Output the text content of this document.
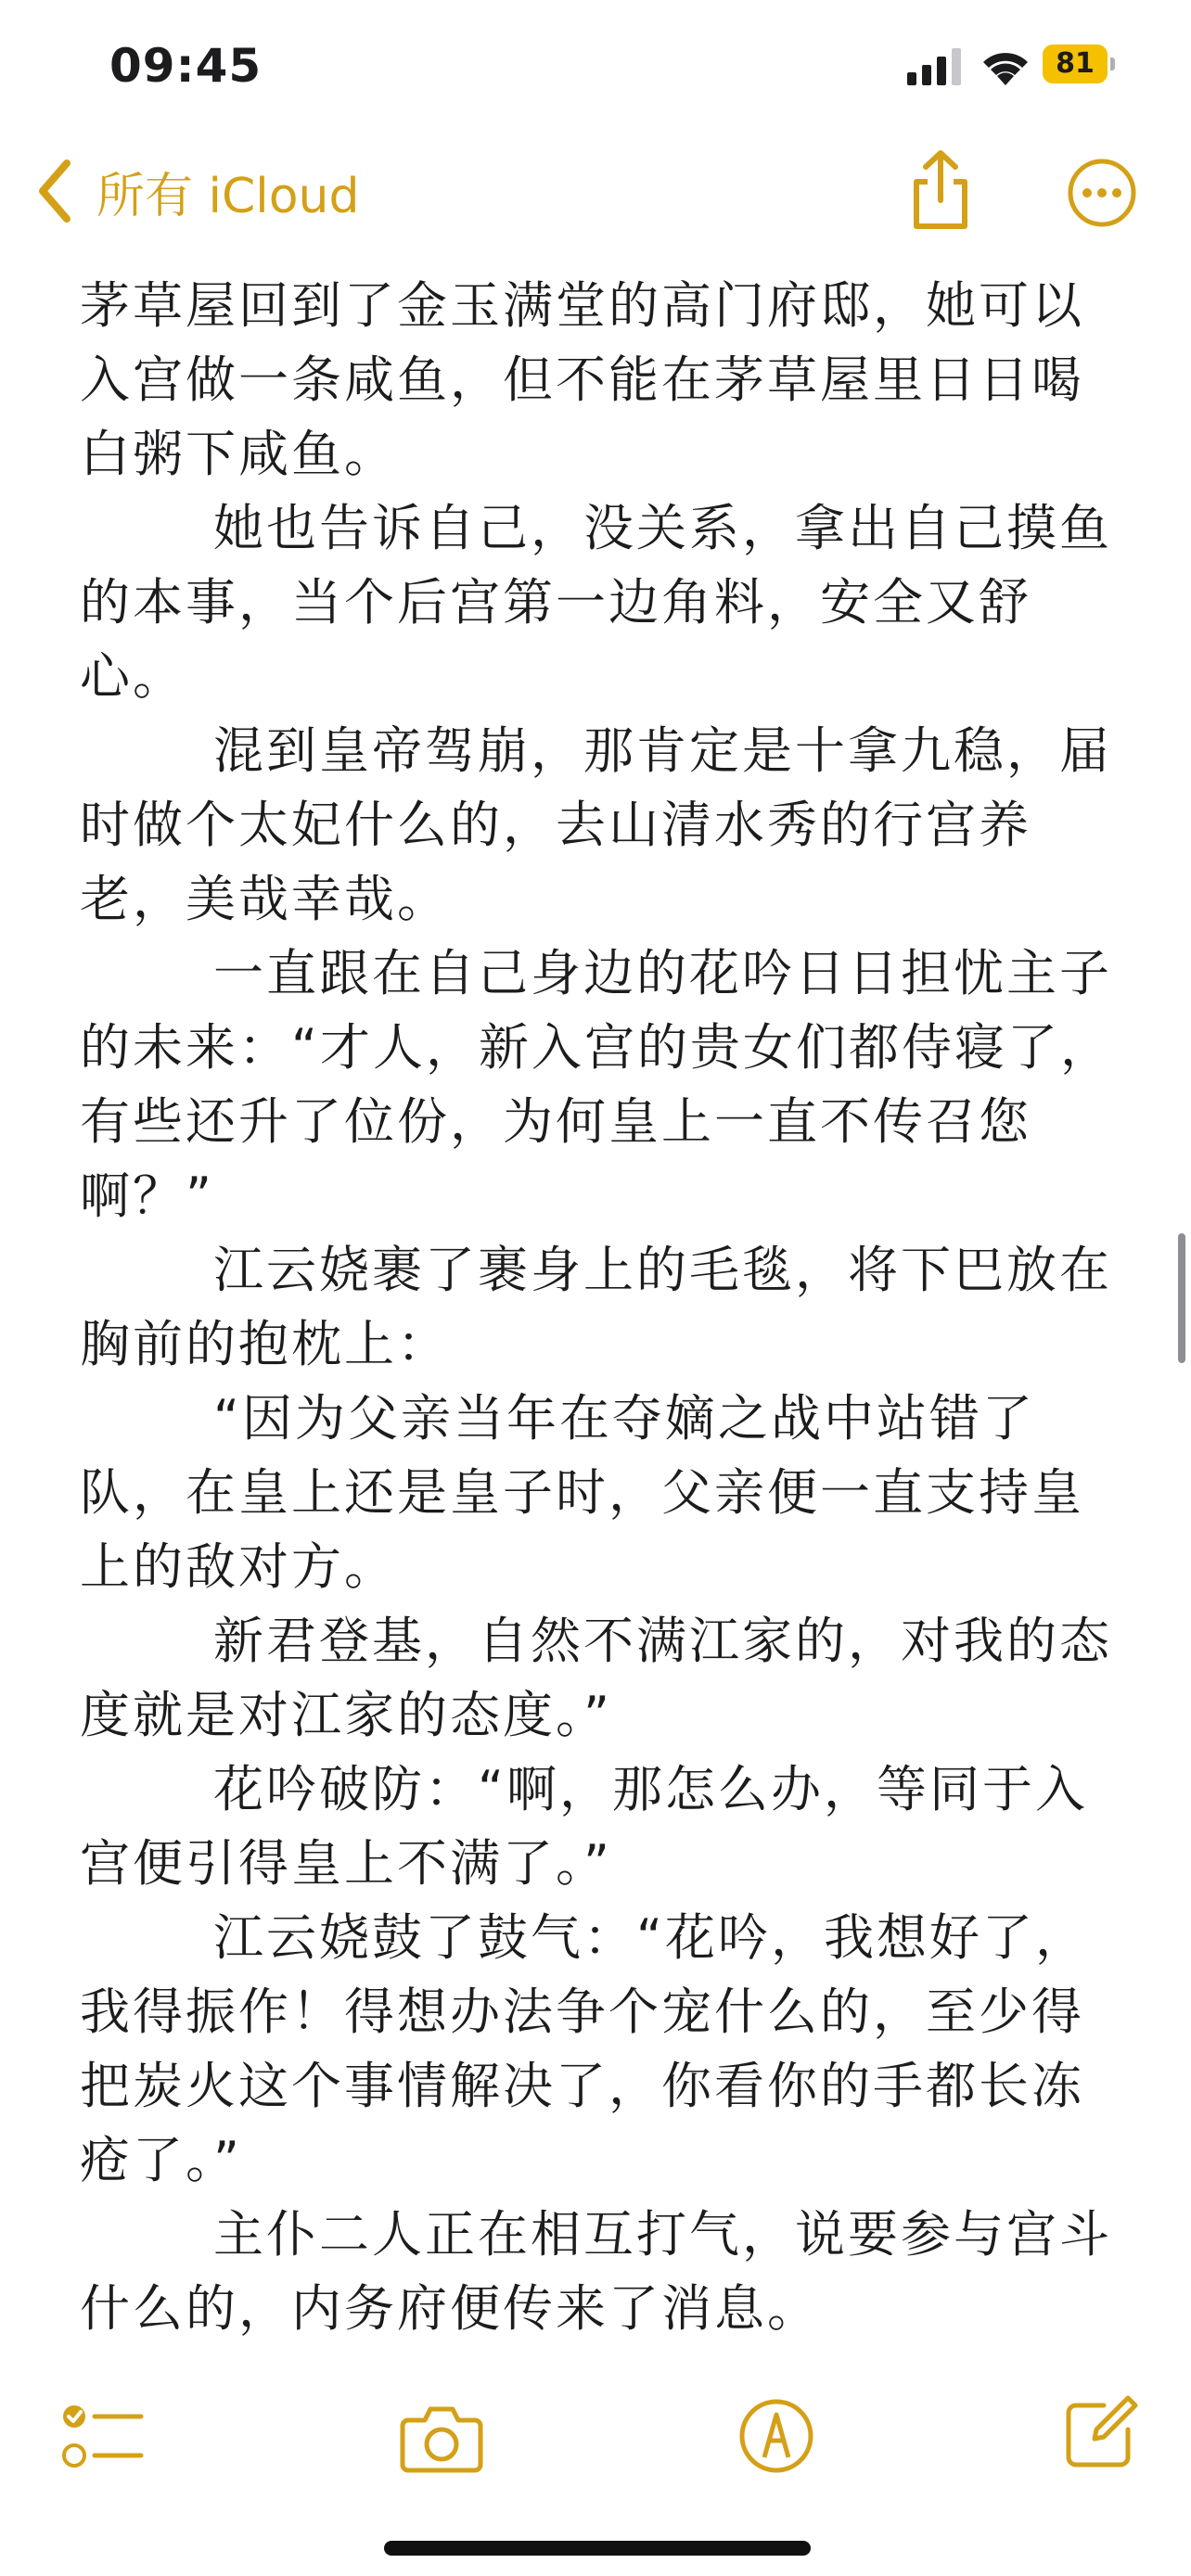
09:45	81
所有 iCloud

茅草屋回到了金玉满堂的高门府邸，她可以入宫做一条咸鱼，但不能在茅草屋里日日喝白粥下咸鱼。

她也告诉自己，没关系，拿出自己摸鱼的本事，当个后宫第一边角料，安全又舒心。

混到皇帝驾崩，那肯定是十拿九稳，届时做个太妃什么的，去山清水秀的行宫养老，美哉幸哉。

一直跟在自己身边的花吟日日担忧主子的未来：“才人，新入宫的贵女们都侍寝了，有些还升了位份，为何皇上一直不传召您啊？”

江云娆裹了裹身上的毛毯，将下巴放在胸前的抱枕上：

“因为父亲当年在夺嫡之战中站错了队，在皇上还是皇子时，父亲便一直支持皇上的敌对方。

新君登基，自然不满江家的，对我的态度就是对江家的态度。”

花吟破防：“啊，那怎么办，等同于入宫便引得皇上不满了。”

江云娆鼓了鼓气：“花吟，我想好了，我得振作！得想办法争个宠什么的，至少得把炭火这个事情解决了，你看你的手都长冻疮了。”

主仆二人正在相互打气，说要参与宫斗什么的，内务府便传来了消息。
